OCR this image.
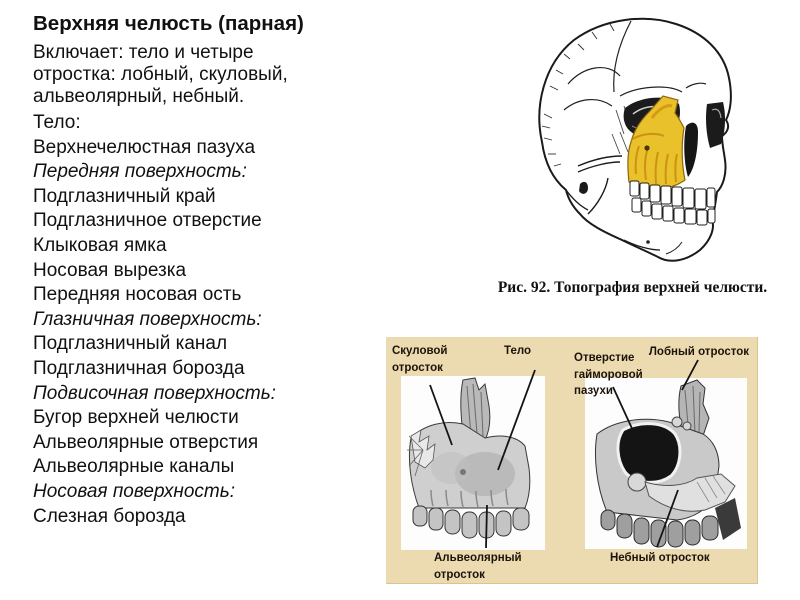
Верхняя челюсть (парная)

Включает: тело и четыре

отростка: лобный, скуловый,

альвеолярный, небный.

Тело:
Верхнечелюстная пазуха
Передняя поверхность:
Подглазничный край
Подглазничное отверстие
Клыковая ямка
Носовая вырезка
Передняя носовая ость
Глазничная поверхность:
Подглазничный канал
Подглазничная борозда
Подвисочная поверхность:
Бугор верхней челюсти
Альвеолярные отверстия
Альвеолярные каналы
Носовая поверхность:
Слезная борозда
Рис. 92. Топография верхней челюсти.
Скуловой отросток
Тело
Отверстие гайморовой пазухи
Лобный отросток
Альвеолярный отросток
Небный отросток
